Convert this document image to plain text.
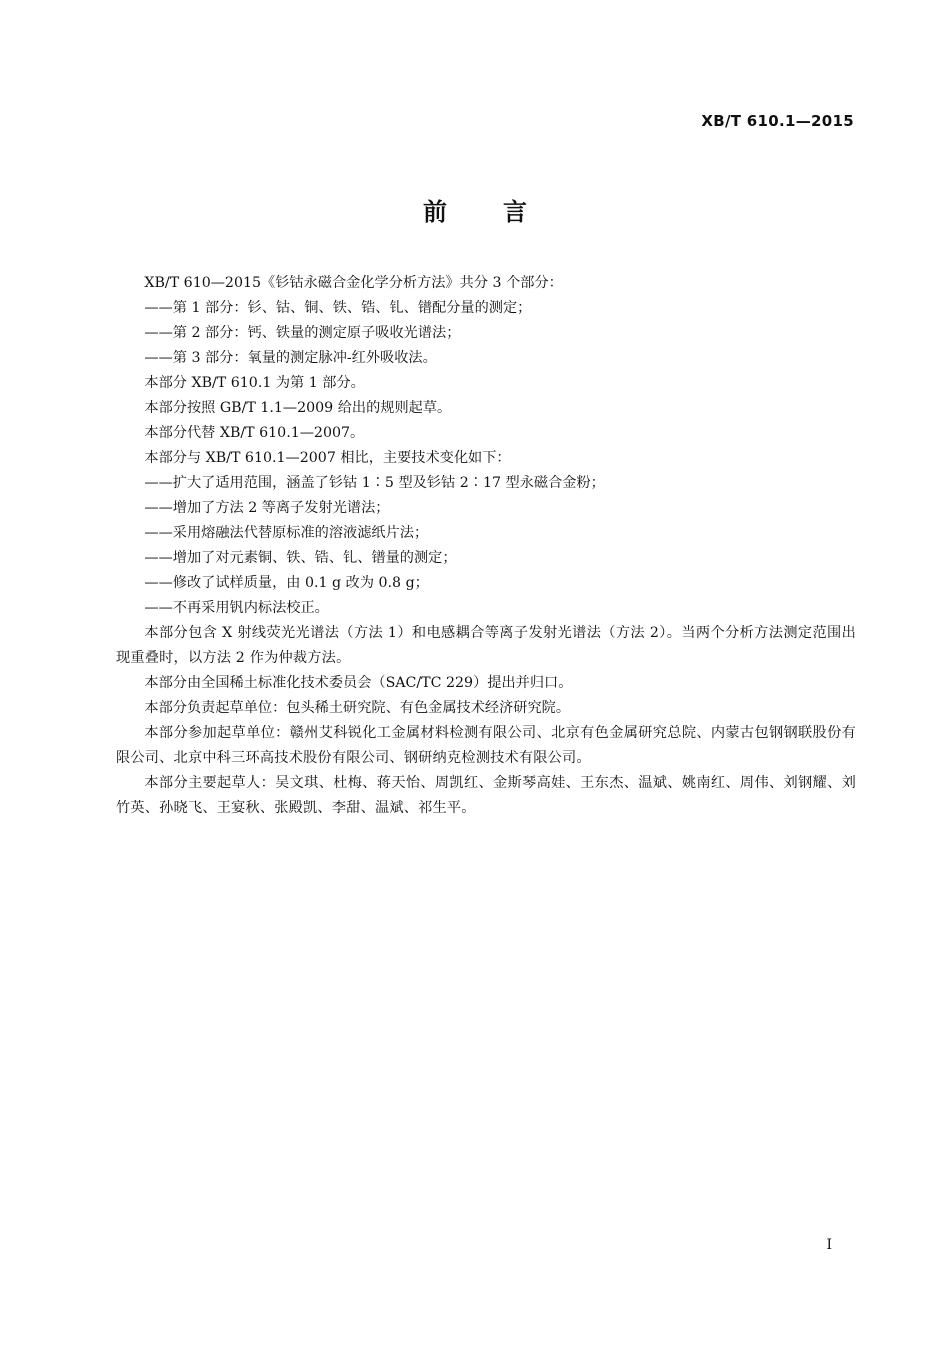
XB/T 610.1—2015
前言

XB/T 610—2015《钐钴永磁合金化学分析方法》共分 3 个部分：

——第 1 部分：钐、钴、铜、铁、锆、钆、镨配分量的测定；

——第 2 部分：钙、铁量的测定原子吸收光谱法；

——第 3 部分：氧量的测定脉冲-红外吸收法。

本部分 XB/T 610.1 为第 1 部分。

本部分按照 GB/T 1.1—2009 给出的规则起草。

本部分代替 XB/T 610.1—2007。

本部分与 XB/T 610.1—2007 相比，主要技术变化如下：

——扩大了适用范围，涵盖了钐钴 1∶5 型及钐钴 2∶17 型永磁合金粉；

——增加了方法 2 等离子发射光谱法；

——采用熔融法代替原标准的溶液滤纸片法；

——增加了对元素铜、铁、锆、钆、镨量的测定；

——修改了试样质量，由 0.1 g 改为 0.8 g；

——不再采用钒内标法校正。

本部分包含 X 射线荧光光谱法（方法 1）和电感耦合等离子发射光谱法（方法 2）。当两个分析方法测定范围出现重叠时，以方法 2 作为仲裁方法。

本部分由全国稀土标准化技术委员会（SAC/TC 229）提出并归口。

本部分负责起草单位：包头稀土研究院、有色金属技术经济研究院。

本部分参加起草单位：赣州艾科锐化工金属材料检测有限公司、北京有色金属研究总院、内蒙古包钢钢联股份有限公司、北京中科三环高技术股份有限公司、钢研纳克检测技术有限公司。

本部分主要起草人：吴文琪、杜梅、蒋天怡、周凯红、金斯琴高娃、王东杰、温斌、姚南红、周伟、刘钢耀、刘竹英、孙晓飞、王宴秋、张殿凯、李甜、温斌、祁生平。

I
